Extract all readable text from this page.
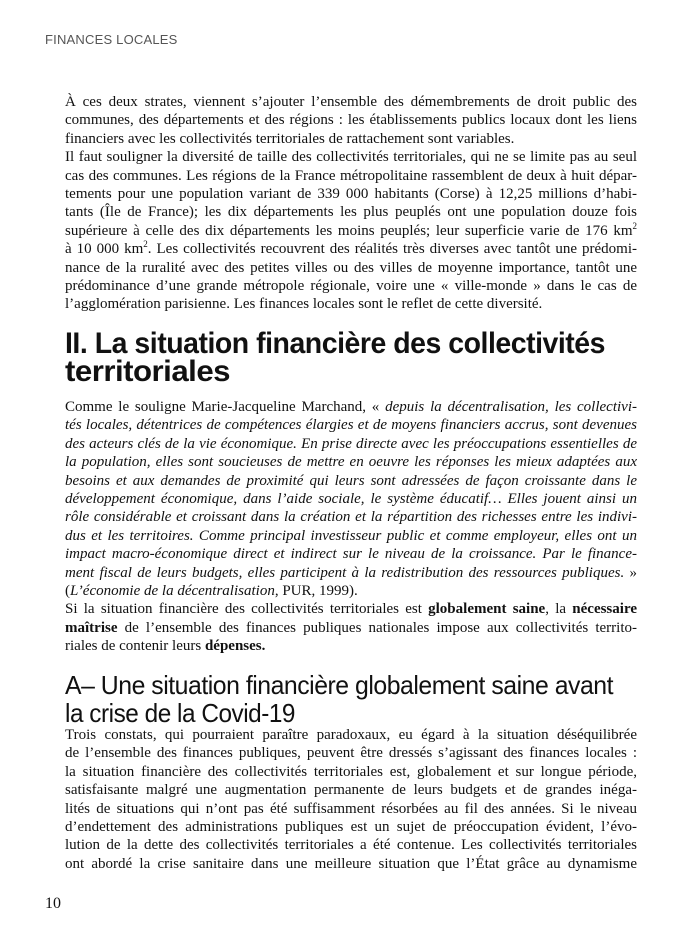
FINANCES LOCALES
À ces deux strates, viennent s’ajouter l’ensemble des démembrements de droit public des
communes, des départements et des régions : les établissements publics locaux dont les liens
financiers avec les collectivités territoriales de rattachement sont variables.
Il faut souligner la diversité de taille des collectivités territoriales, qui ne se limite pas au seul
cas des communes. Les régions de la France métropolitaine rassemblent de deux à huit dépar-
tements pour une population variant de 339 000 habitants (Corse) à 12,25 millions d’habi-
tants (Île de France); les dix départements les plus peuplés ont une population douze fois
supérieure à celle des dix départements les moins peuplés; leur superficie varie de 176 $km^2$
à 10 000 $km^2$. Les collectivités recouvrent des réalités très diverses avec tantôt une prédomi-
nance de la ruralité avec des petites villes ou des villes de moyenne importance, tantôt une
prédominance d’une grande métropole régionale, voire une « ville-monde » dans le cas de
l’agglomération parisienne. Les finances locales sont le reflet de cette diversité.
II. La situation financière des collectivités
territoriales
Comme le souligne Marie-Jacqueline Marchand, « depuis la décentralisation, les collectivi-
tés locales, détentrices de compétences élargies et de moyens financiers accrus, sont devenues
des acteurs clés de la vie économique. En prise directe avec les préoccupations essentielles de
la population, elles sont soucieuses de mettre en oeuvre les réponses les mieux adaptées aux
besoins et aux demandes de proximité qui leurs sont adressées de façon croissante dans le
développement économique, dans l’aide sociale, le système éducatif… Elles jouent ainsi un
rôle considérable et croissant dans la création et la répartition des richesses entre les indivi-
dus et les territoires. Comme principal investisseur public et comme employeur, elles ont un
impact macro-économique direct et indirect sur le niveau de la croissance. Par le finance-
ment fiscal de leurs budgets, elles participent à la redistribution des ressources publiques. »
(L’économie de la décentralisation, PUR, 1999).
Si la situation financière des collectivités territoriales est globalement saine, la nécessaire
maîtrise de l’ensemble des finances publiques nationales impose aux collectivités territo-
riales de contenir leurs dépenses.
A– Une situation financière globalement saine avant
la crise de la Covid-19
Trois constats, qui pourraient paraître paradoxaux, eu égard à la situation déséquilibrée
de l’ensemble des finances publiques, peuvent être dressés s’agissant des finances locales :
la situation financière des collectivités territoriales est, globalement et sur longue période,
satisfaisante malgré une augmentation permanente de leurs budgets et de grandes inéga-
lités de situations qui n’ont pas été suffisamment résorbées au fil des années. Si le niveau
d’endettement des administrations publiques est un sujet de préoccupation évident, l’évo-
lution de la dette des collectivités territoriales a été contenue. Les collectivités territoriales
ont abordé la crise sanitaire dans une meilleure situation que l’État grâce au dynamisme
10
